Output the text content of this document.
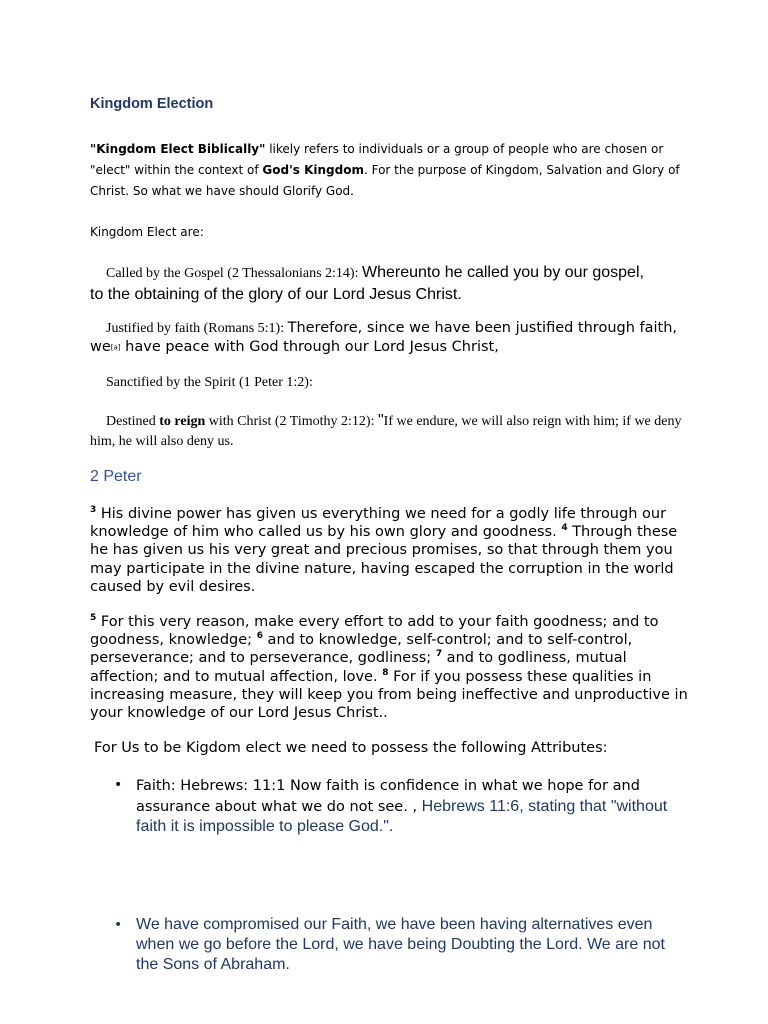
Kingdom Election
"Kingdom Elect Biblically" likely refers to individuals or a group of people who are chosen or "elect" within the context of God's Kingdom. For the purpose of Kingdom, Salvation and Glory of Christ. So what we have should Glorify God.
Kingdom Elect are:
Called by the Gospel (2 Thessalonians 2:14): Whereunto he called you by our gospel, to the obtaining of the glory of our Lord Jesus Christ.
Justified by faith (Romans 5:1): Therefore, since we have been justified through faith, we[a] have peace with God through our Lord Jesus Christ,
Sanctified by the Spirit (1 Peter 1:2):
Destined to reign with Christ (2 Timothy 2:12): "If we endure, we will also reign with him; if we deny him, he will also deny us.
2 Peter
$^3$ His divine power has given us everything we need for a godly life through our knowledge of him who called us by his own glory and goodness. $^4$ Through these he has given us his very great and precious promises, so that through them you may participate in the divine nature, having escaped the corruption in the world caused by evil desires.
$^5$ For this very reason, make every effort to add to your faith goodness; and to goodness, knowledge; $^6$ and to knowledge, self-control; and to self-control, perseverance; and to perseverance, godliness; $^7$ and to godliness, mutual affection; and to mutual affection, love. $^8$ For if you possess these qualities in increasing measure, they will keep you from being ineffective and unproductive in your knowledge of our Lord Jesus Christ..
For Us to be Kigdom elect we need to possess the following Attributes:
• Faith: Hebrews: 11:1 Now faith is confidence in what we hope for and assurance about what we do not see. , Hebrews 11:6, stating that "without faith it is impossible to please God.".
• We have compromised our Faith, we have been having alternatives even when we go before the Lord, we have being Doubting the Lord. We are not the Sons of Abraham.
